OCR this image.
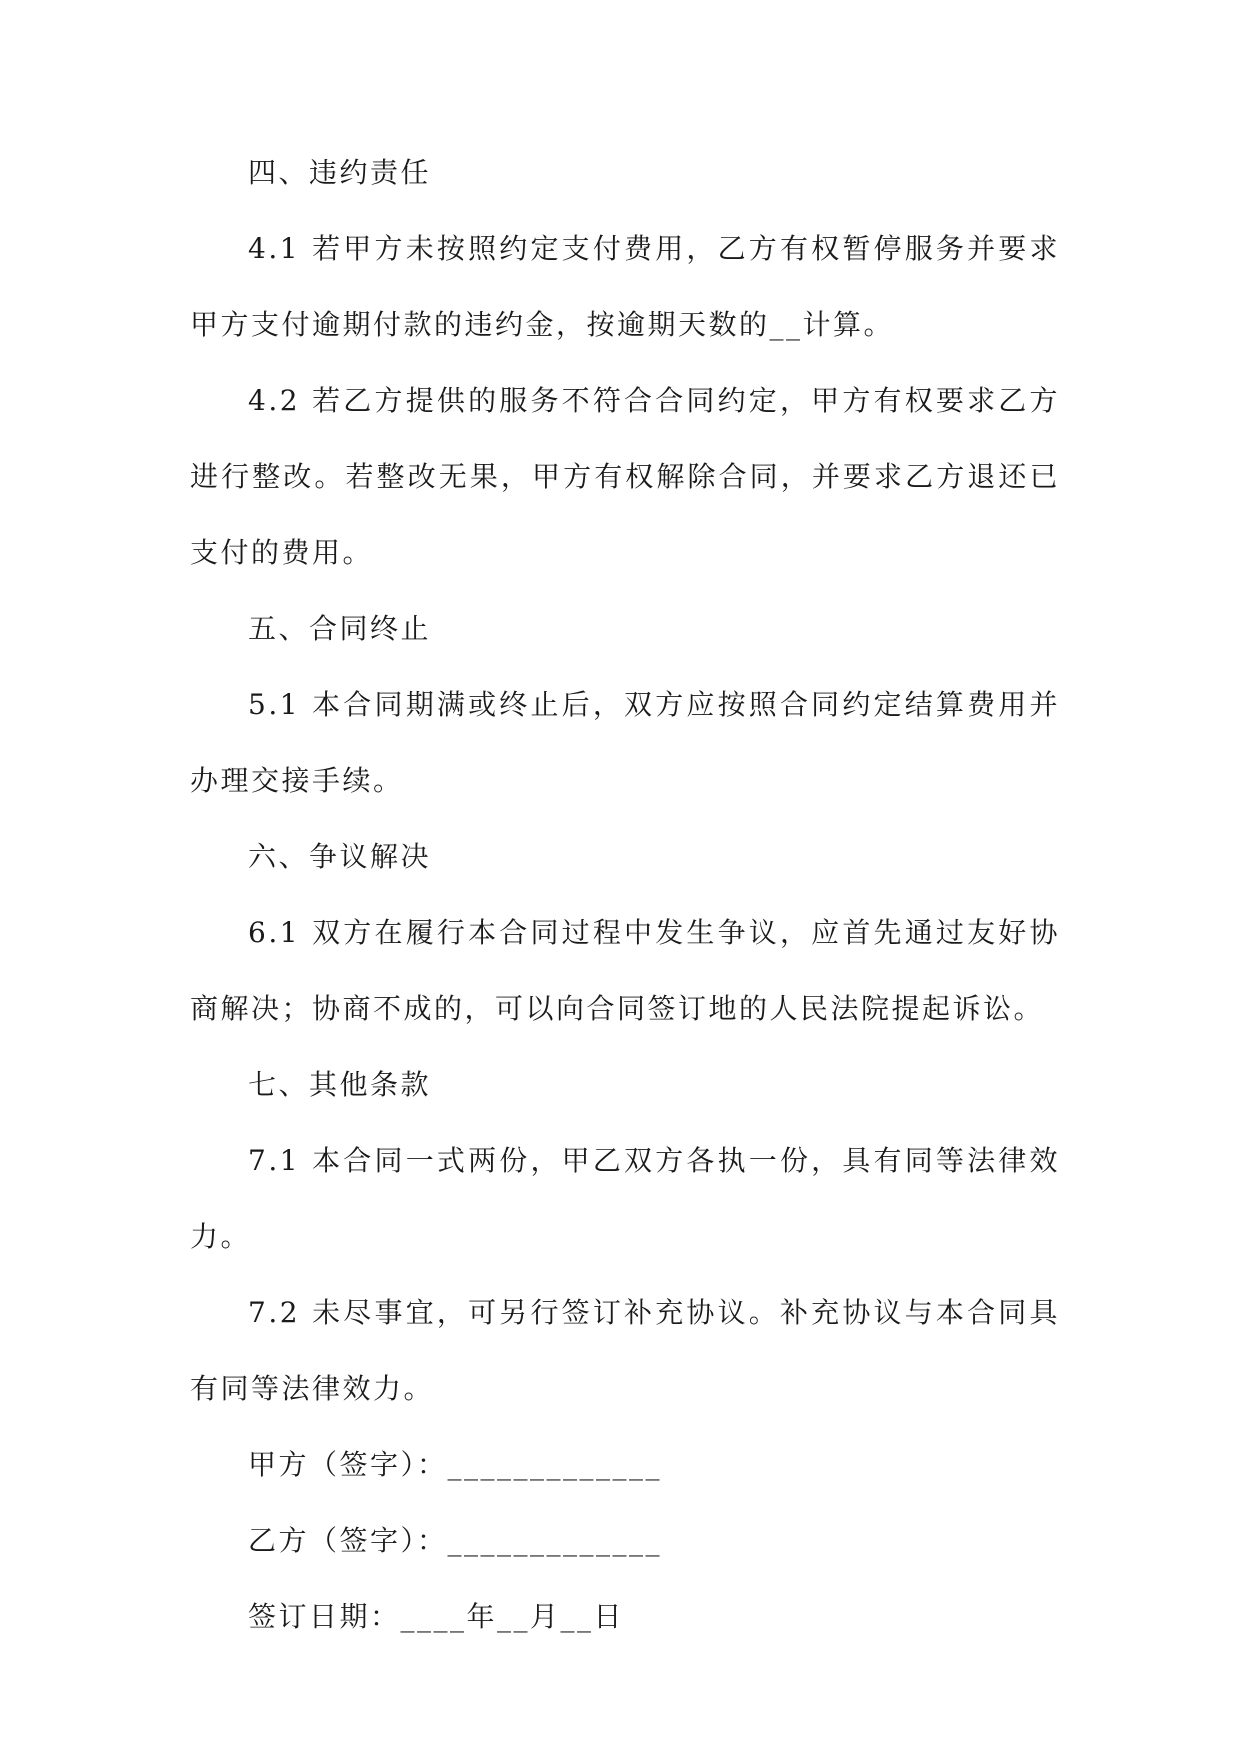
四、违约责任

4.1 若甲方未按照约定支付费用，乙方有权暂停服务并要求甲方支付逾期付款的违约金，按逾期天数的__计算。

4.2 若乙方提供的服务不符合合同约定，甲方有权要求乙方进行整改。若整改无果，甲方有权解除合同，并要求乙方退还已支付的费用。

五、合同终止

5.1 本合同期满或终止后，双方应按照合同约定结算费用并办理交接手续。

六、争议解决

6.1 双方在履行本合同过程中发生争议，应首先通过友好协商解决；协商不成的，可以向合同签订地的人民法院提起诉讼。

七、其他条款

7.1 本合同一式两份，甲乙双方各执一份，具有同等法律效力。

7.2 未尽事宜，可另行签订补充协议。补充协议与本合同具有同等法律效力。

甲方（签字）：_____________

乙方（签字）：_____________

签订日期：____年__月__日
